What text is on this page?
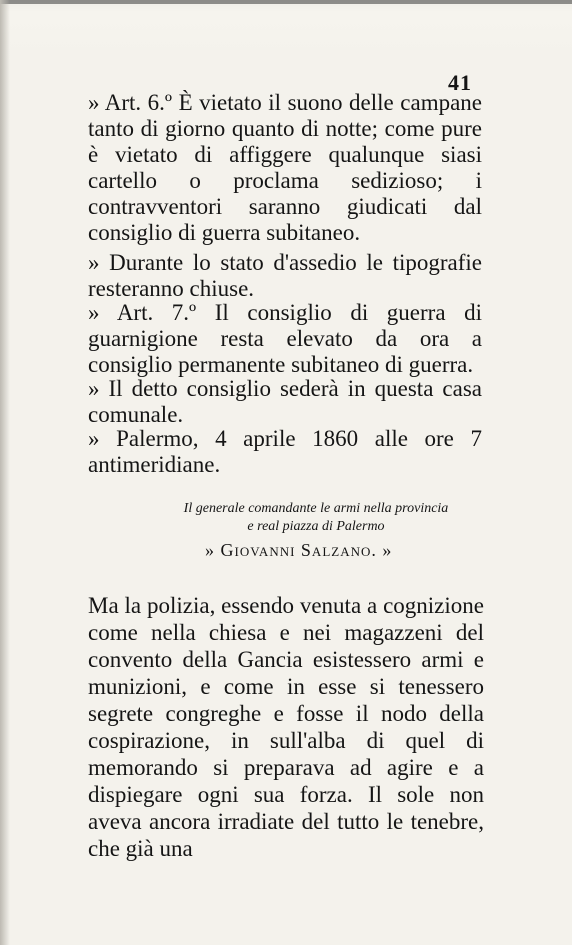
41

» Art. 6.º È vietato il suono delle campane tanto di giorno quanto di notte; come pure è vietato di affiggere qualunque siasi cartello o proclama sedizioso; i contravventori saranno giudicati dal consiglio di guerra subitaneo.

» Durante lo stato d'assedio le tipografie resteranno chiuse.

» Art. 7.º Il consiglio di guerra di guarnigione resta elevato da ora a consiglio permanente subitaneo di guerra.

» Il detto consiglio sederà in questa casa comunale.

» Palermo, 4 aprile 1860 alle ore 7 antimeridiane.

Il generale comandante le armi nella provincia
e real piazza di Palermo
» Giovanni Salzano. »

Ma la polizia, essendo venuta a cognizione come nella chiesa e nei magazzeni del convento della Gancia esistessero armi e munizioni, e come in esse si tenessero segrete congreghe e fosse il nodo della cospirazione, in sull'alba di quel di memorando si preparava ad agire e a dispiegare ogni sua forza. Il sole non aveva ancora irradiate del tutto le tenebre, che già una
